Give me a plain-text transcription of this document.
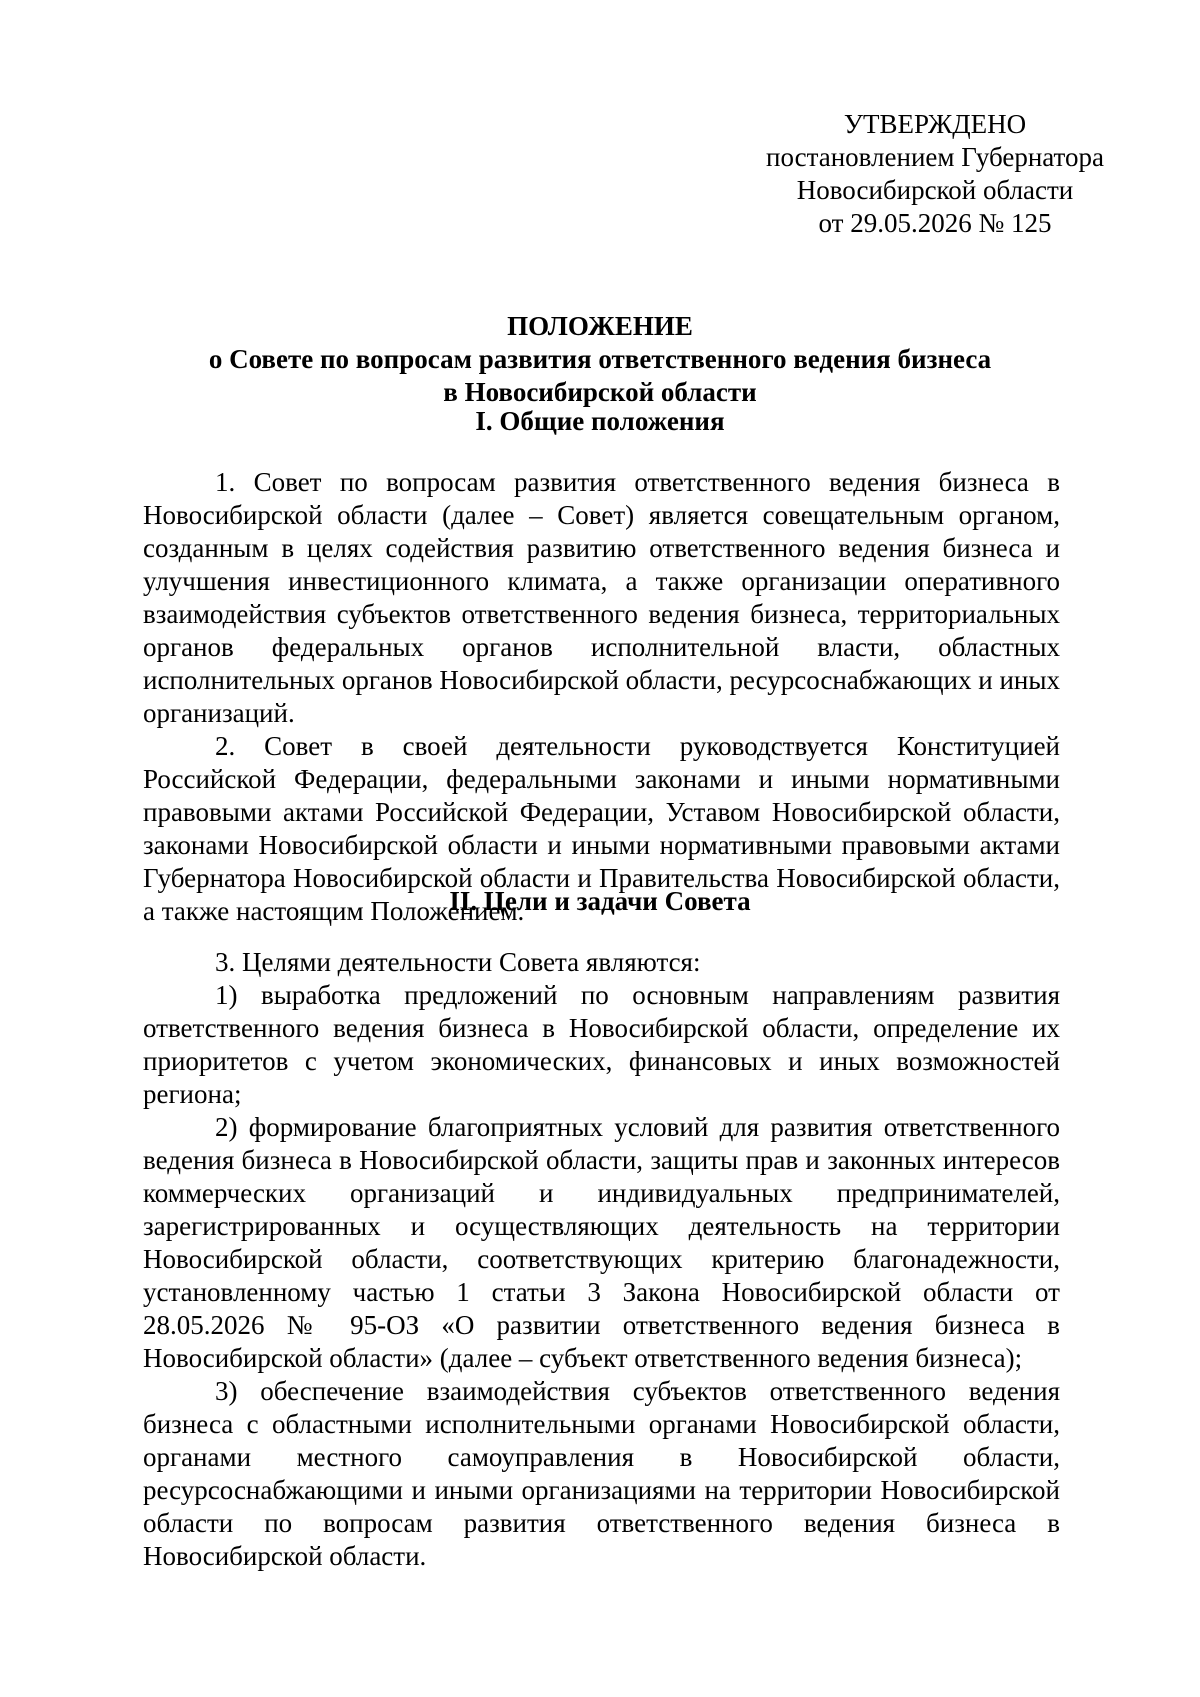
УТВЕРЖДЕНО
постановлением Губернатора
Новосибирской области
от 29.05.2026 № 125
ПОЛОЖЕНИЕ
о Совете по вопросам развития ответственного ведения бизнеса
в Новосибирской области
I. Общие положения

1. Совет по вопросам развития ответственного ведения бизнеса в Новосибирской области (далее – Совет) является совещательным органом, созданным в целях содействия развитию ответственного ведения бизнеса и улучшения инвестиционного климата, а также организации оперативного взаимодействия субъектов ответственного ведения бизнеса, территориальных органов федеральных органов исполнительной власти, областных исполнительных органов Новосибирской области, ресурсоснабжающих и иных организаций.

2. Совет в своей деятельности руководствуется Конституцией Российской Федерации, федеральными законами и иными нормативными правовыми актами Российской Федерации, Уставом Новосибирской области, законами Новосибирской области и иными нормативными правовыми актами Губернатора Новосибирской области и Правительства Новосибирской области, а также настоящим Положением.

II. Цели и задачи Совета

3. Целями деятельности Совета являются:

1) выработка предложений по основным направлениям развития ответственного ведения бизнеса в Новосибирской области, определение их приоритетов с учетом экономических, финансовых и иных возможностей региона;

2) формирование благоприятных условий для развития ответственного ведения бизнеса в Новосибирской области, защиты прав и законных интересов коммерческих организаций и индивидуальных предпринимателей, зарегистрированных и осуществляющих деятельность на территории Новосибирской области, соответствующих критерию благонадежности, установленному частью 1 статьи 3 Закона Новосибирской области от 28.05.2026 № 95-ОЗ «О развитии ответственного ведения бизнеса в Новосибирской области» (далее – субъект ответственного ведения бизнеса);

3) обеспечение взаимодействия субъектов ответственного ведения бизнеса с областными исполнительными органами Новосибирской области, органами местного самоуправления в Новосибирской области, ресурсоснабжающими и иными организациями на территории Новосибирской области по вопросам развития ответственного ведения бизнеса в Новосибирской области.
